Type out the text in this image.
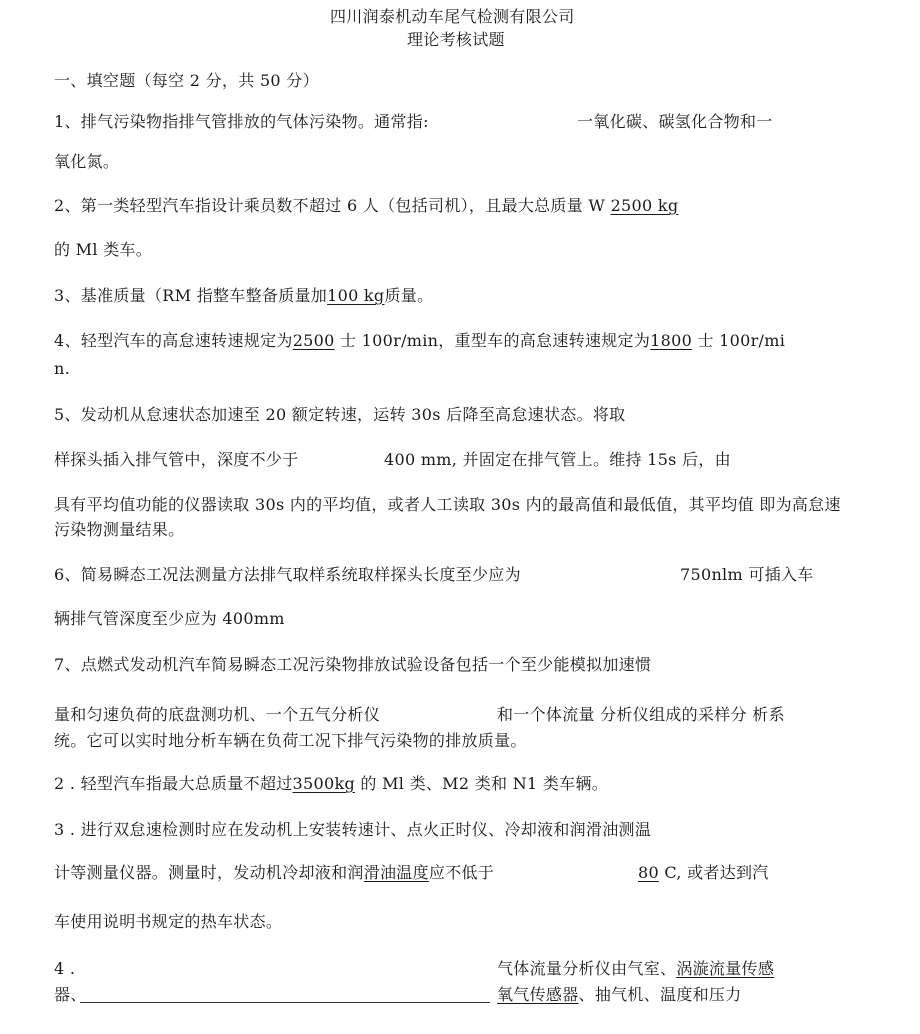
四川润泰机动车尾气检测有限公司
理论考核试题
一、填空题（每空 2 分，共 50 分）
1、排气污染物指排气管排放的气体污染物。通常指:	一氧化碳、碳氢化合物和一
氧化氮。
2、第一类轻型汽车指设计乘员数不超过 6 人（包括司机），且最大总质量 W 2500 kg
的 Ml 类车。
3、基准质量（RM 指整车整备质量加100 kg质量。
4、轻型汽车的高怠速转速规定为2500 士 100r/min，重型车的高怠速转速规定为1800 士 100r/mi
n.
5、发动机从怠速状态加速至 20 额定转速，运转 30s 后降至高怠速状态。将取
样探头插入排气管中，深度不少于	400 mm, 并固定在排气管上。维持 15s 后，由
具有平均值功能的仪器读取 30s 内的平均值，或者人工读取 30s 内的最高值和最低值，其平均值 即为高怠速
污染物测量结果。
6、简易瞬态工况法测量方法排气取样系统取样探头长度至少应为	750nlm 可插入车
辆排气管深度至少应为 400mm
7、点燃式发动机汽车简易瞬态工况污染物排放试验设备包括一个至少能模拟加速惯
量和匀速负荷的底盘测功机、一个五气分析仪	和一个体流量 分析仪组成的采样分 析系
统。它可以实时地分析车辆在负荷工况下排气污染物的排放质量。
2 . 轻型汽车指最大总质量不超过3500kg 的 Ml 类、M2 类和 N1 类车辆。
3 . 进行双怠速检测时应在发动机上安装转速计、点火正时仪、冷却液和润滑油测温
计等测量仪器。测量时，发动机冷却液和润滑油温度应不低于	80 C, 或者达到汽
车使用说明书规定的热车状态。
4 .	气体流量分析仪由气室、涡漩流量传感
器、	氧气传感器、抽气机、温度和压力
